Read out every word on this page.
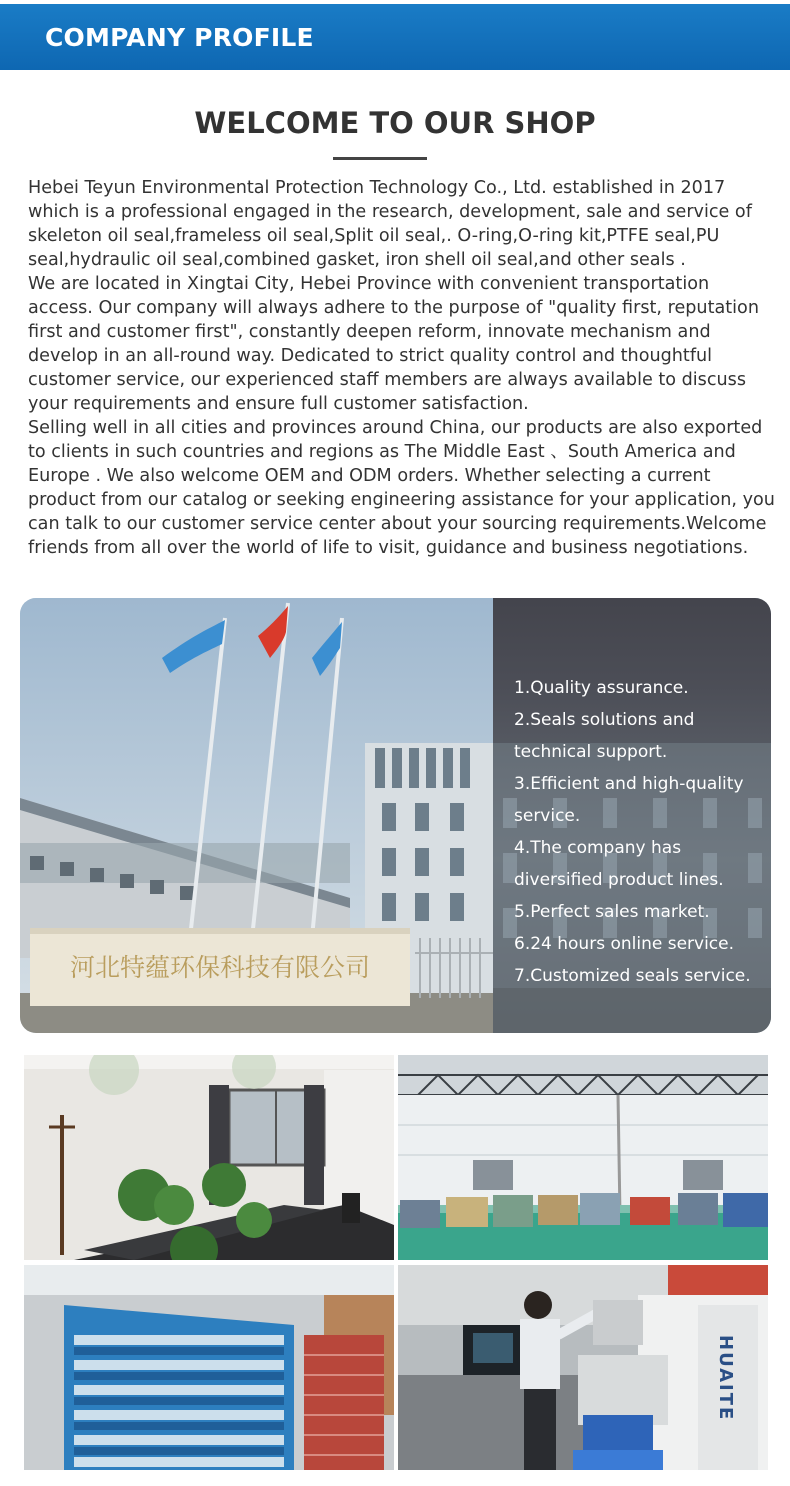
COMPANY PROFILE
WELCOME TO OUR SHOP

Hebei Teyun Environmental Protection Technology Co., Ltd. established in 2017 which is a professional engaged in the research, development, sale and service of skeleton oil seal,frameless oil seal,Split oil seal,. O-ring,O-ring kit,PTFE seal,PU seal,hydraulic oil seal,combined gasket, iron shell oil seal,and other seals .

We are located in Xingtai City, Hebei Province with convenient transportation access. Our company will always adhere to the purpose of "quality first, reputation first and customer first", constantly deepen reform, innovate mechanism and develop in an all-round way. Dedicated to strict quality control and thoughtful customer service, our experienced staff members are always available to discuss your requirements and ensure full customer satisfaction.

Selling well in all cities and provinces around China, our products are also exported to clients in such countries and regions as The Middle East 、South America and Europe . We also welcome OEM and ODM orders. Whether selecting a current product from our catalog or seeking engineering assistance for your application, you can talk to our customer service center about your sourcing requirements.Welcome friends from all over the world of life to visit, guidance and business negotiations.

河北特蕴环保科技有限公司
1.Quality assurance.
2.Seals solutions and technical support.
3.Efficient and high-quality service.
4.The company has diversified product lines.
5.Perfect sales market.
6.24 hours online service.
7.Customized seals service.
HUAITE
